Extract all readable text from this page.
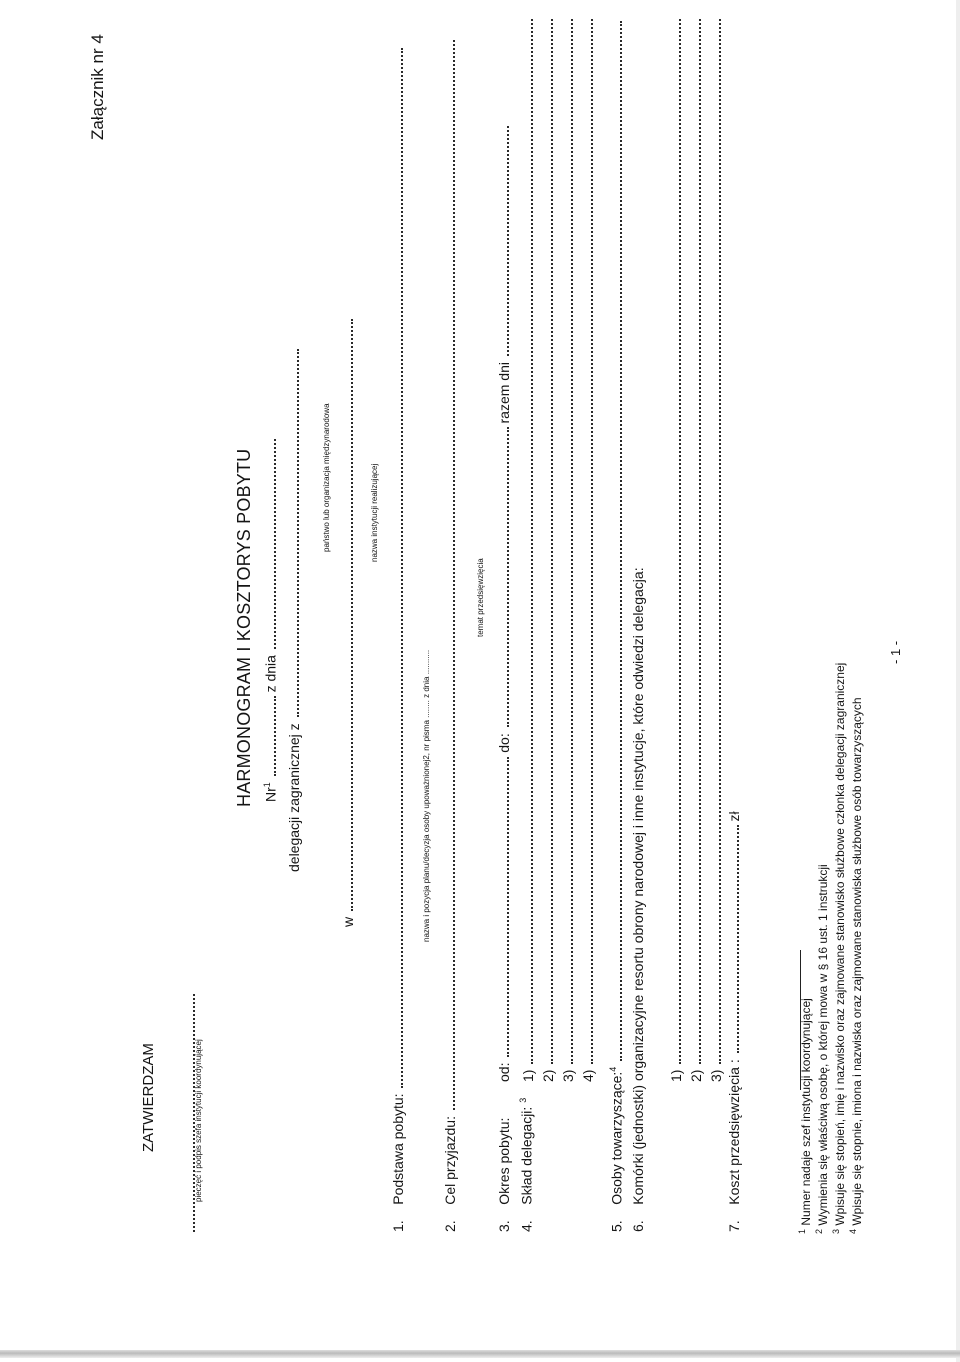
Załącznik nr 4
ZATWIERDZAM	pieczęć i podpis szefa instytucji koordynującej
HARMONOGRAM I KOSZTORYS POBYTU Nr$^1$  z dnia
delegacji zagranicznej z
państwo lub organizacja międzynarodowa
w
nazwa instytucji realizującej
1.    Podstawa pobytu:
nazwa i pozycja planu/decyzja osoby upoważnionej2, nr pisma ........ z dnia ...........
2.    Cel przyjazdu:
temat przedsięwzięcia
3.    Okres pobytu:
od:  do:  razem dni
4.    Skład delegacji: $^3$
1) 2) 3) 4)
5.    Osoby towarzyszące:$^4$
6.    Komórki (jednostki) organizacyjne resortu obrony narodowej i inne instytucje, które odwiedzi delegacja: 1) 2) 3)
7.    Koszt przedsięwzięcia :  zł
$^1$ Numer nadaje szef instytucji koordynującej
$^2$ Wymienia się właściwą osobę, o której mowa w § 16 ust. 1 instrukcji
$^3$ Wpisuje się stopień, imię i nazwisko oraz zajmowane stanowisko służbowe członka delegacji zagranicznej
$^4$ Wpisuje się stopnie, imiona i nazwiska oraz zajmowane stanowiska służbowe osób towarzyszących
- 1 -
